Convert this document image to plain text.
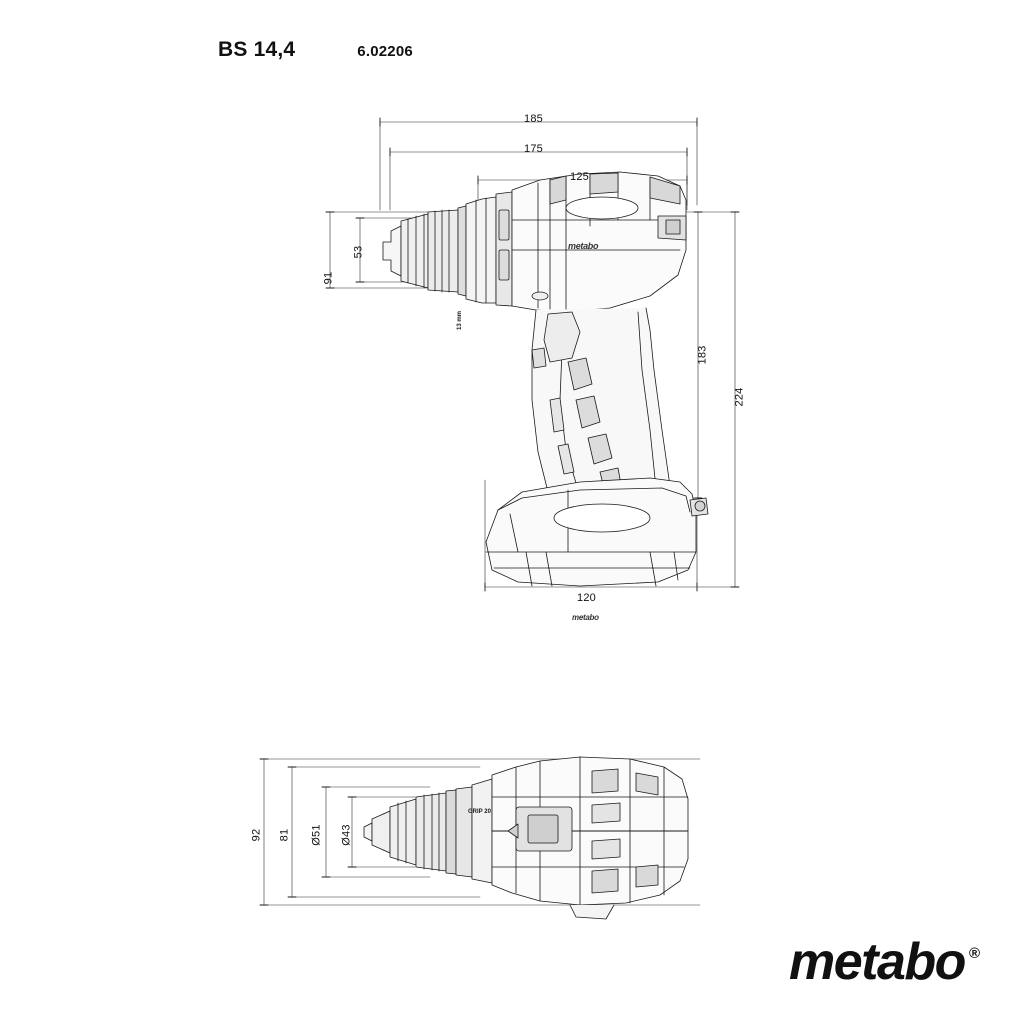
BS 14,4	6.02206
metabo
metabo
13 mm
185
175
125
91
53
183
224
120
GRIP 20
92 81 Ø51 Ø43
metabo ®
